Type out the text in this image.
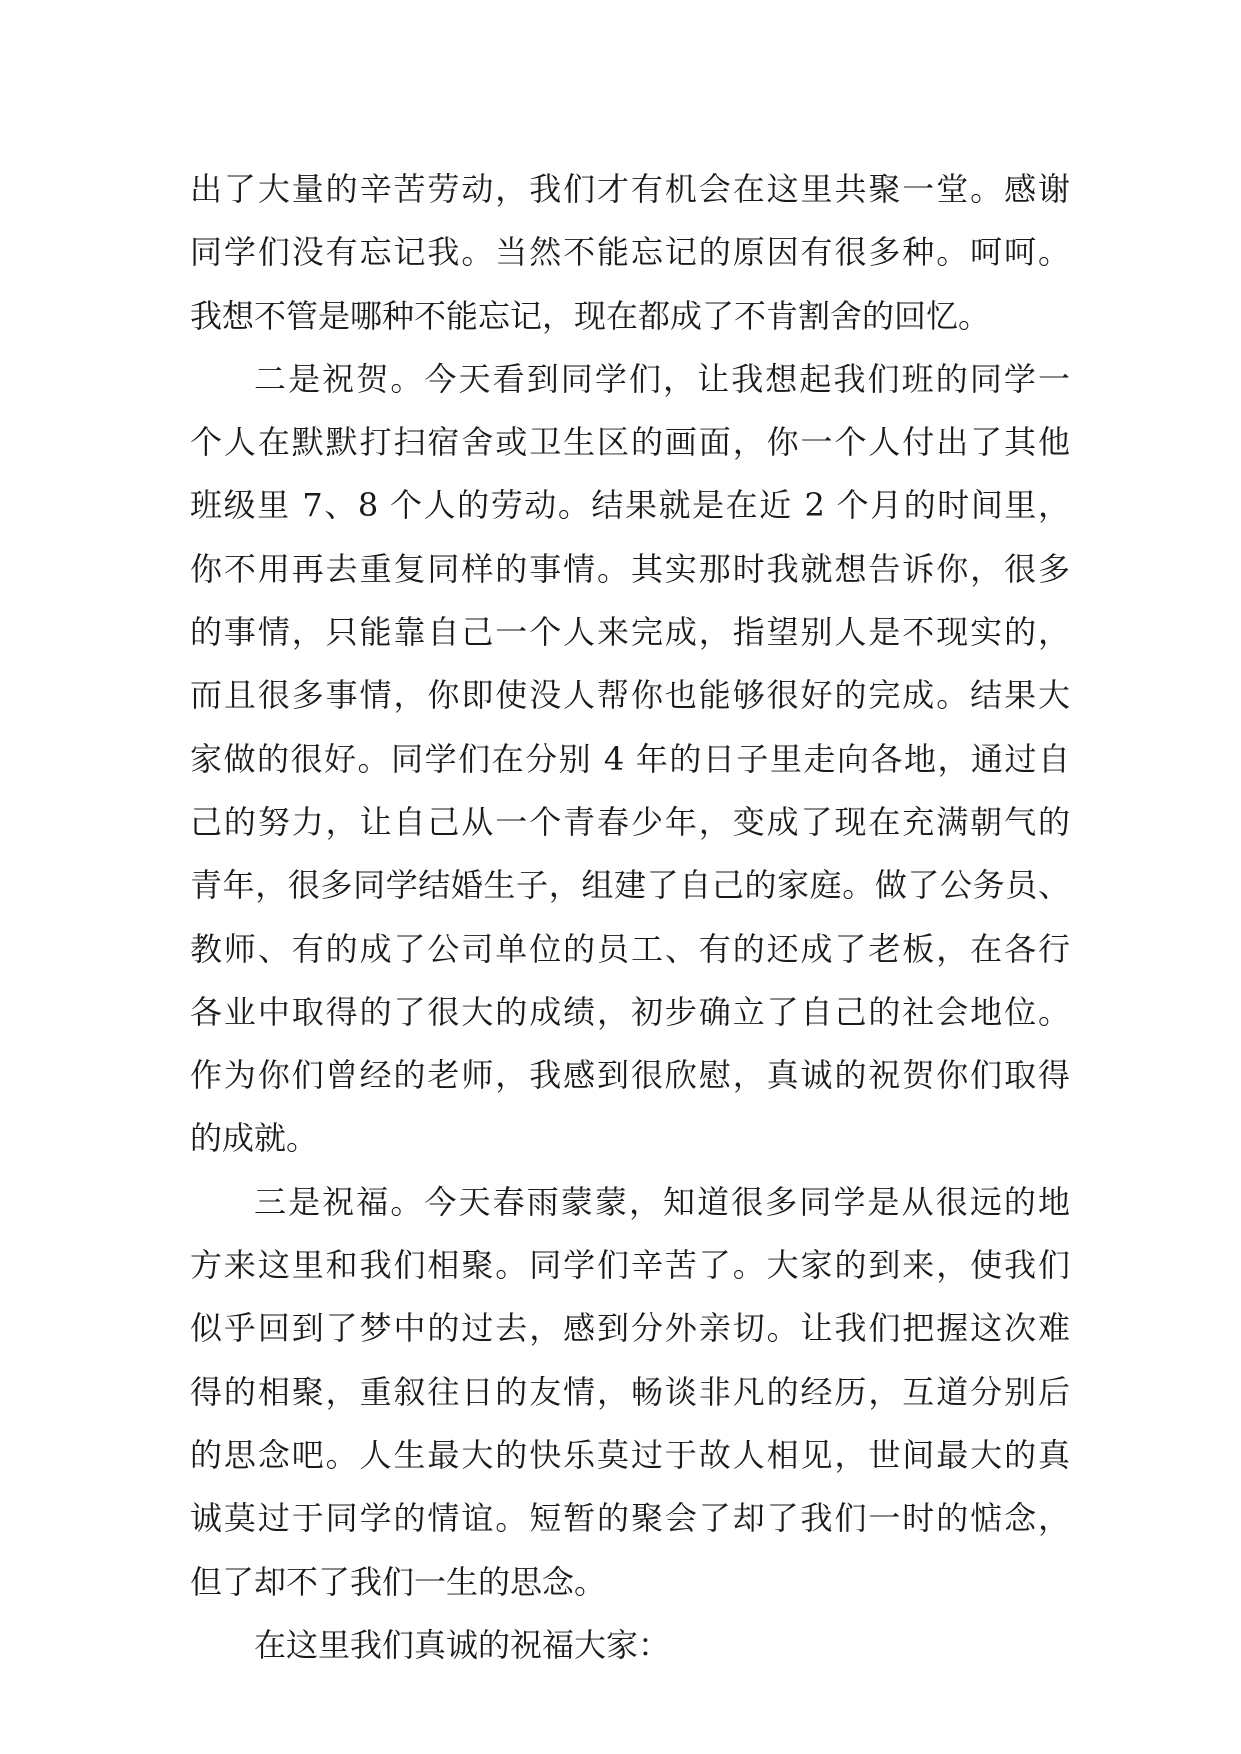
出了大量的辛苦劳动，我们才有机会在这里共聚一堂。感谢
同学们没有忘记我。当然不能忘记的原因有很多种。呵呵。
我想不管是哪种不能忘记，现在都成了不肯割舍的回忆。
二是祝贺。今天看到同学们，让我想起我们班的同学一
个人在默默打扫宿舍或卫生区的画面，你一个人付出了其他
班级里 7、8 个人的劳动。结果就是在近 2 个月的时间里，
你不用再去重复同样的事情。其实那时我就想告诉你，很多
的事情，只能靠自己一个人来完成，指望别人是不现实的，
而且很多事情，你即使没人帮你也能够很好的完成。结果大
家做的很好。同学们在分别 4 年的日子里走向各地，通过自
己的努力，让自己从一个青春少年，变成了现在充满朝气的
青年，很多同学结婚生子，组建了自己的家庭。做了公务员、
教师、有的成了公司单位的员工、有的还成了老板，在各行
各业中取得的了很大的成绩，初步确立了自己的社会地位。
作为你们曾经的老师，我感到很欣慰，真诚的祝贺你们取得
的成就。
三是祝福。今天春雨蒙蒙，知道很多同学是从很远的地
方来这里和我们相聚。同学们辛苦了。大家的到来，使我们
似乎回到了梦中的过去，感到分外亲切。让我们把握这次难
得的相聚，重叙往日的友情，畅谈非凡的经历，互道分别后
的思念吧。人生最大的快乐莫过于故人相见，世间最大的真
诚莫过于同学的情谊。短暂的聚会了却了我们一时的惦念，
但了却不了我们一生的思念。
在这里我们真诚的祝福大家：
